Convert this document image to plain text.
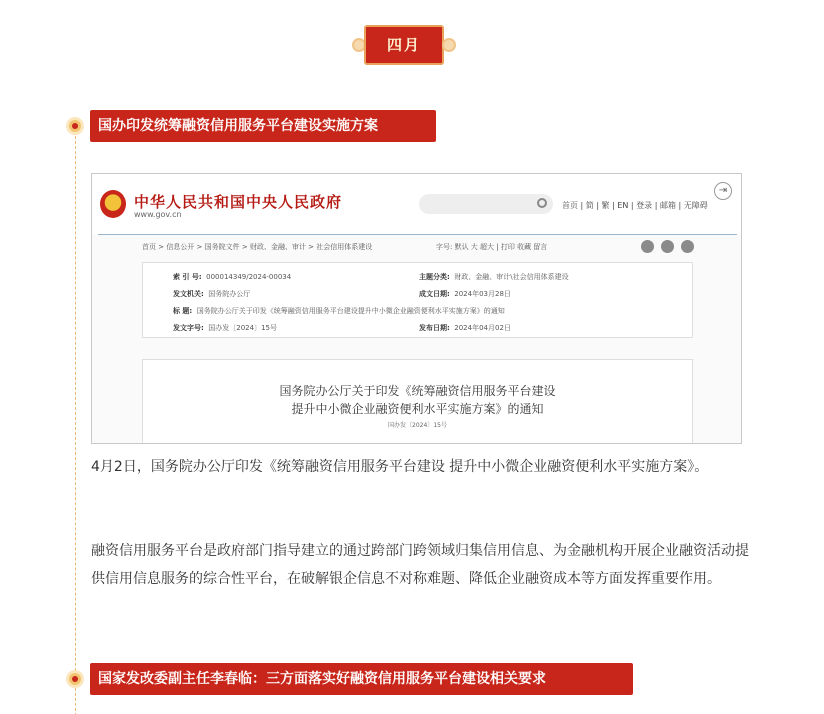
四月
国办印发统筹融资信用服务平台建设实施方案
中华人民共和国中央人民政府
www.gov.cn
首页 | 简 | 繁 | EN | 登录 | 邮箱 | 无障碍
⇥
首页 > 信息公开 > 国务院文件 > 财政、金融、审计 > 社会信用体系建设	字号: 默认 大 超大 | 打印 收藏 留言
索 引 号: 000014349/2024-00034	主题分类: 财政、金融、审计\社会信用体系建设
发文机关: 国务院办公厅	成文日期: 2024年03月28日
标 题: 国务院办公厅关于印发《统筹融资信用服务平台建设提升中小微企业融资便利水平实施方案》的通知
发文字号: 国办发〔2024〕15号	发布日期: 2024年04月02日
国务院办公厅关于印发《统筹融资信用服务平台建设
提升中小微企业融资便利水平实施方案》的通知
国办发〔2024〕15号

4月2日，国务院办公厅印发《统筹融资信用服务平台建设 提升中小微企业融资便利水平实施方案》。

融资信用服务平台是政府部门指导建立的通过跨部门跨领域归集信用信息、为金融机构开展企业融资活动提供信用信息服务的综合性平台，在破解银企信息不对称难题、降低企业融资成本等方面发挥重要作用。

国家发改委副主任李春临：三方面落实好融资信用服务平台建设相关要求
